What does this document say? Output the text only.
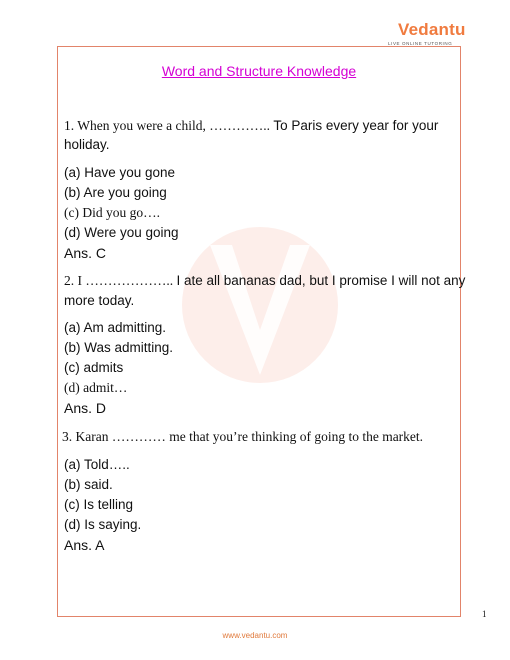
Vedantu
LIVE ONLINE TUTORING
Word and Structure Knowledge
1. When you were a child, ………….. To Paris every year for your
holiday.
(a) Have you gone
(b) Are you going
(c) Did you go….
(d) Were you going
Ans. C
2. I ……………….. I ate all bananas dad, but I promise I will not any
more today.
(a) Am admitting.
(b) Was admitting.
(c) admits
(d) admit…
Ans. D
3. Karan ………… me that you’re thinking of going to the market.
(a) Told…..
(b) said.
(c) Is telling
(d) Is saying.
Ans. A
1
www.vedantu.com
